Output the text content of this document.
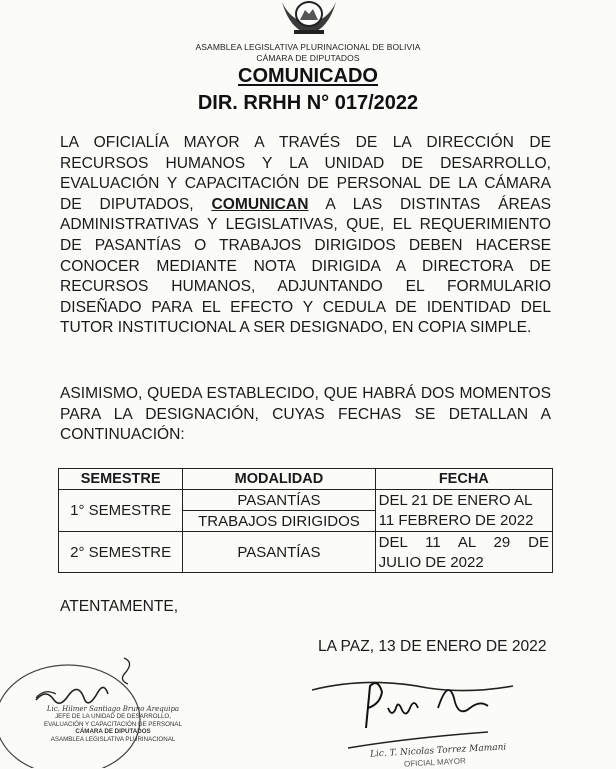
ASAMBLEA LEGISLATIVA PLURINACIONAL DE BOLIVIA
CÁMARA DE DIPUTADOS
COMUNICADO
DIR. RRHH N° 017/2022
LA OFICIALÍA MAYOR A TRAVÉS DE LA DIRECCIÓN DE RECURSOS HUMANOS Y LA UNIDAD DE DESARROLLO, EVALUACIÓN Y CAPACITACIÓN DE PERSONAL DE LA CÁMARA DE DIPUTADOS, COMUNICAN A LAS DISTINTAS ÁREAS ADMINISTRATIVAS Y LEGISLATIVAS, QUE, EL REQUERIMIENTO DE PASANTÍAS O TRABAJOS DIRIGIDOS DEBEN HACERSE CONOCER MEDIANTE NOTA DIRIGIDA A DIRECTORA DE RECURSOS HUMANOS, ADJUNTANDO EL FORMULARIO DISEÑADO PARA EL EFECTO Y CEDULA DE IDENTIDAD DEL TUTOR INSTITUCIONAL A SER DESIGNADO, EN COPIA SIMPLE.
ASIMISMO, QUEDA ESTABLECIDO, QUE HABRÁ DOS MOMENTOS PARA LA DESIGNACIÓN, CUYAS FECHAS SE DETALLAN A CONTINUACIÓN:
SEMESTRE	MODALIDAD	FECHA
1° SEMESTRE	PASANTÍAS	DEL 21 DE ENERO AL
	TRABAJOS DIRIGIDOS	11 FEBRERO DE 2022
2° SEMESTRE	PASANTÍAS	DEL 11 AL 29 DE
		JULIO DE 2022
ATENTAMENTE,
LA PAZ, 13 DE ENERO DE 2022
Lic. Hilmer Santiago Bruno Arequipa
JEFE DE LA UNIDAD DE DESARROLLO,
EVALUACIÓN Y CAPACITACIÓN DE PERSONAL
CÁMARA DE DIPUTADOS
ASAMBLEA LEGISLATIVA PLURINACIONAL
Lic. T. Nicolas Torrez Mamani
OFICIAL MAYOR
